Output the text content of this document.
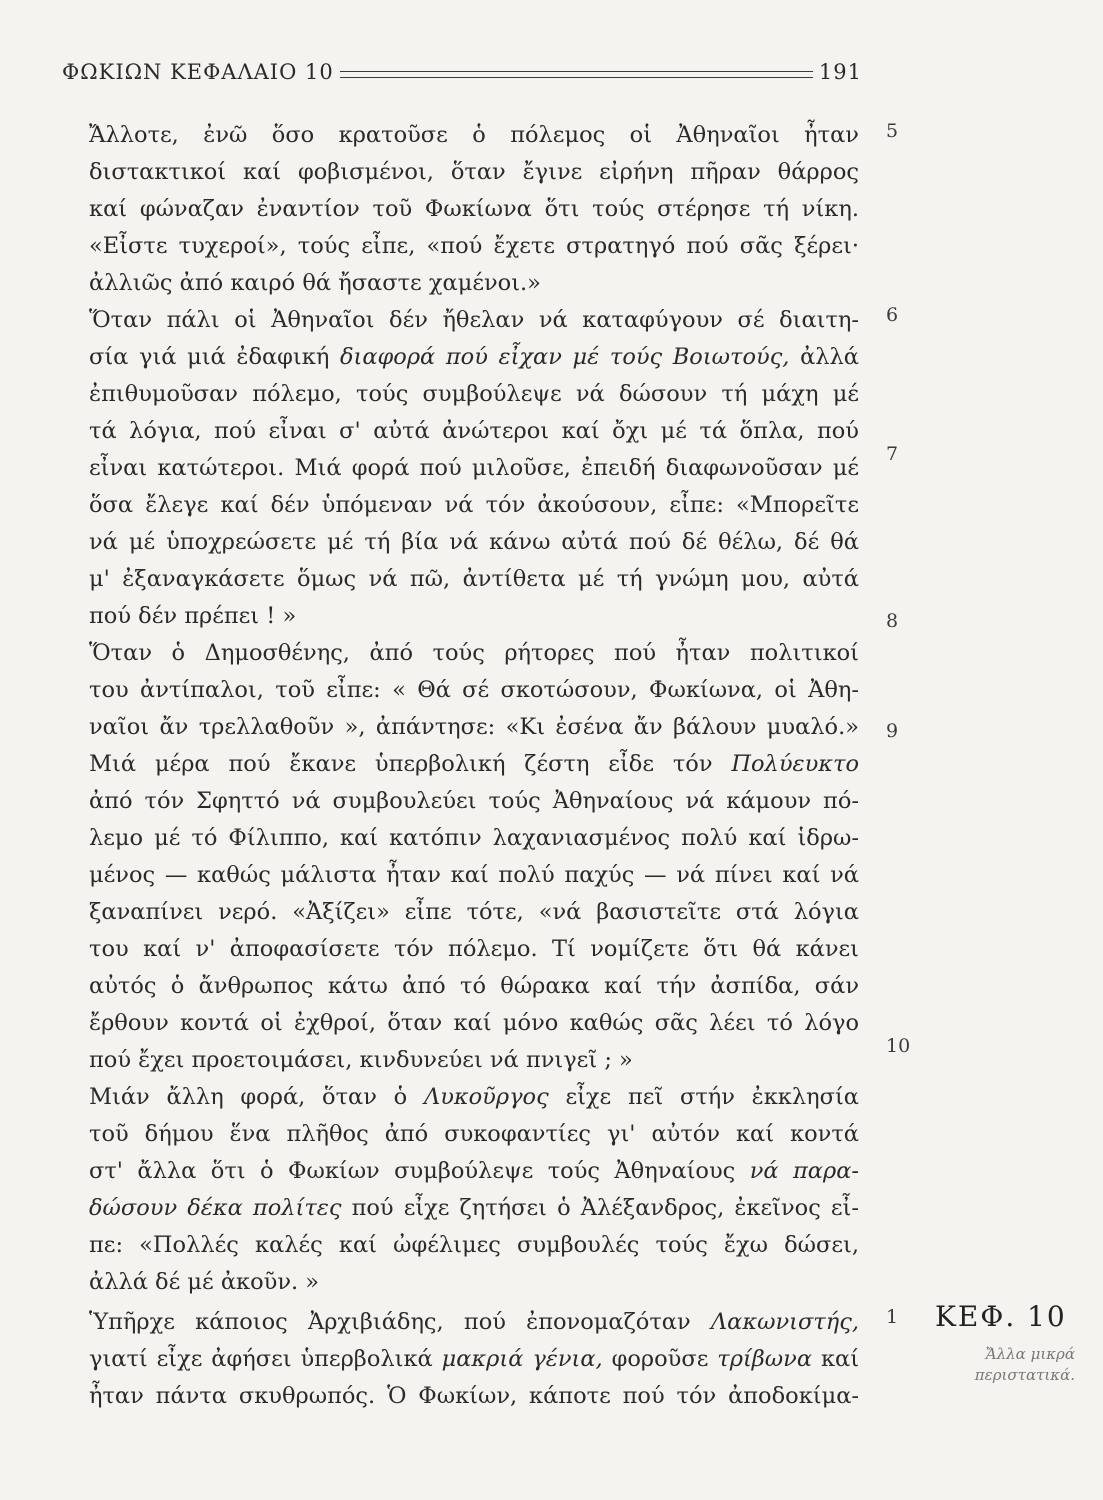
ΦΩΚΙΩΝ ΚΕΦΑΛΑΙΟ 10	191
Ἄλλοτε, ἐνῶ ὅσο κρατοῦσε ὁ πόλεμος οἱ Ἀθηναῖοι ἦταν
διστακτικοί καί φοβισμένοι, ὅταν ἔγινε εἰρήνη πῆραν θάρρος
καί φώναζαν ἐναντίον τοῦ Φωκίωνα ὅτι τούς στέρησε τή νίκη.
«Εἶστε τυχεροί», τούς εἶπε, «πού ἔχετε στρατηγό πού σᾶς ξέρει·
ἀλλιῶς ἀπό καιρό θά ἤσαστε χαμένοι.»
Ὅταν πάλι οἱ Ἀθηναῖοι δέν ἤθελαν νά καταφύγουν σέ διαιτη-
σία γιά μιά ἐδαφική διαφορά πού εἶχαν μέ τούς Βοιωτούς, ἀλλά
ἐπιθυμοῦσαν πόλεμο, τούς συμβούλεψε νά δώσουν τή μάχη μέ
τά λόγια, πού εἶναι σ' αὐτά ἀνώτεροι καί ὄχι μέ τά ὅπλα, πού
εἶναι κατώτεροι. Μιά φορά πού μιλοῦσε, ἐπειδή διαφωνοῦσαν μέ
ὅσα ἔλεγε καί δέν ὑπόμεναν νά τόν ἀκούσουν, εἶπε: «Μπορεῖτε
νά μέ ὑποχρεώσετε μέ τή βία νά κάνω αὐτά πού δέ θέλω, δέ θά
μ' ἐξαναγκάσετε ὅμως νά πῶ, ἀντίθετα μέ τή γνώμη μου, αὐτά
πού δέν πρέπει ! »
Ὅταν ὁ Δημοσθένης, ἀπό τούς ρήτορες πού ἦταν πολιτικοί
του ἀντίπαλοι, τοῦ εἶπε: « Θά σέ σκοτώσουν, Φωκίωνα, οἱ Ἀθη-
ναῖοι ἄν τρελλαθοῦν », ἀπάντησε: «Κι ἐσένα ἄν βάλουν μυαλό.»
Μιά μέρα πού ἔκανε ὑπερβολική ζέστη εἶδε τόν Πολύευκτο
ἀπό τόν Σφηττό νά συμβουλεύει τούς Ἀθηναίους νά κάμουν πό-
λεμο μέ τό Φίλιππο, καί κατόπιν λαχανιασμένος πολύ καί ἱδρω-
μένος — καθώς μάλιστα ἦταν καί πολύ παχύς — νά πίνει καί νά
ξαναπίνει νερό. «Ἀξίζει» εἶπε τότε, «νά βασιστεῖτε στά λόγια
του καί ν' ἀποφασίσετε τόν πόλεμο. Τί νομίζετε ὅτι θά κάνει
αὐτός ὁ ἄνθρωπος κάτω ἀπό τό θώρακα καί τήν ἀσπίδα, σάν
ἔρθουν κοντά οἱ ἐχθροί, ὅταν καί μόνο καθώς σᾶς λέει τό λόγο
πού ἔχει προετοιμάσει, κινδυνεύει νά πνιγεῖ ; »
Μιάν ἄλλη φορά, ὅταν ὁ Λυκοῦργος εἶχε πεῖ στήν ἐκκλησία
τοῦ δήμου ἕνα πλῆθος ἀπό συκοφαντίες γι' αὐτόν καί κοντά
στ' ἄλλα ὅτι ὁ Φωκίων συμβούλεψε τούς Ἀθηναίους νά παρα-
δώσουν δέκα πολίτες πού εἶχε ζητήσει ὁ Ἀλέξανδρος, ἐκεῖνος εἶ-
πε: «Πολλές καλές καί ὠφέλιμες συμβουλές τούς ἔχω δώσει,
ἀλλά δέ μέ ἀκοῦν. »
Ὑπῆρχε κάποιος Ἀρχιβιάδης, πού ἐπονομαζόταν Λακωνιστής,
γιατί εἶχε ἀφήσει ὑπερβολικά μακριά γένια, φοροῦσε τρίβωνα καί
ἦταν πάντα σκυθρωπός. Ὁ Φωκίων, κάποτε πού τόν ἀποδοκίμα-
5
6
7
8
9
10
1 ΚΕΦ. 10
Ἄλλα μικρά
περιστατικά.
